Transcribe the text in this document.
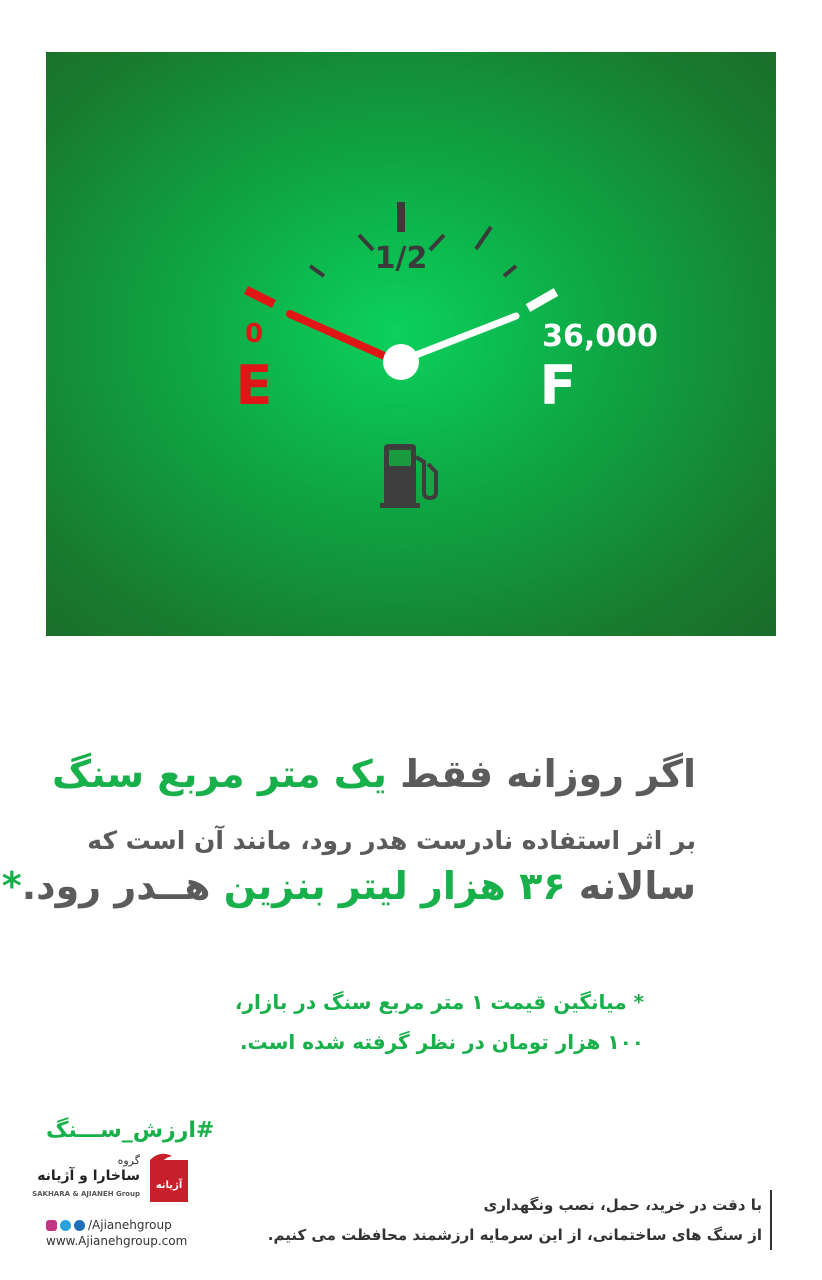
1/2
0
E
36,000
F
اگر روزانه فقط یک متر مربع سنگ
بر اثر استفاده نادرست هدر رود، مانند آن است که
سالانه ۳۶ هزار لیتر بنزین هــدر رود.*
* میانگین قیمت ۱ متر مربع سنگ در بازار،
۱۰۰ هزار تومان در نظر گرفته شده است.
#ارزش_ســـنگ
آژیانه
گروه
ساخارا و آژیانه
SAKHARA & AJIANEH Group
/Ajianehgroup
www.Ajianehgroup.com
با دقت در خرید، حمل، نصب ونگهداری
از سنگ های ساختمانی، از این سرمایه ارزشمند محافظت می کنیم.
